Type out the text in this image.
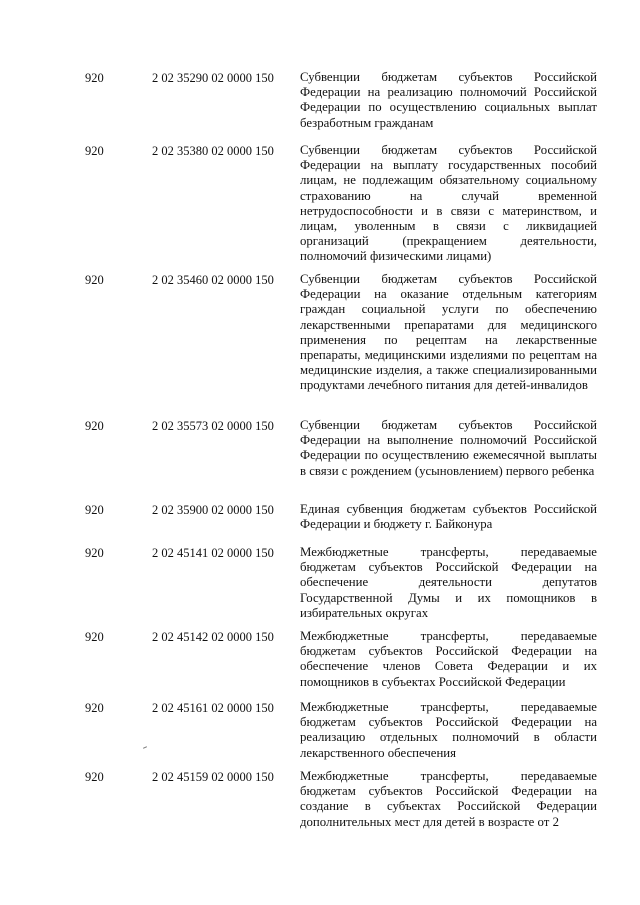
920	2 02 35290 02 0000 150 Субвенции бюджетам субъектов Российской Федерации на реализацию полномочий Российской Федерации по осуществлению социальных выплат безработным гражданам
920	2 02 35380 02 0000 150 Субвенции бюджетам субъектов Российской Федерации на выплату государственных пособий лицам, не подлежащим обязательному социальному страхованию на случай временной нетрудоспособности и в связи с материнством, и лицам, уволенным в связи с ликвидацией организаций (прекращением деятельности, полномочий физическими лицами)
920	2 02 35460 02 0000 150 Субвенции бюджетам субъектов Российской Федерации на оказание отдельным категориям граждан социальной услуги по обеспечению лекарственными препаратами для медицинского применения по рецептам на лекарственные препараты, медицинскими изделиями по рецептам на медицинские изделия, а также специализированными продуктами лечебного питания для детей-инвалидов
920	2 02 35573 02 0000 150 Субвенции бюджетам субъектов Российской Федерации на выполнение полномочий Российской Федерации по осуществлению ежемесячной выплаты в связи с рождением (усыновлением) первого ребенка
920	2 02 35900 02 0000 150 Единая субвенция бюджетам субъектов Российской Федерации и бюджету г. Байконура
920	2 02 45141 02 0000 150 Межбюджетные трансферты, передаваемые бюджетам субъектов Российской Федерации на обеспечение деятельности депутатов Государственной Думы и их помощников в избирательных округах
920	2 02 45142 02 0000 150 Межбюджетные трансферты, передаваемые бюджетам субъектов Российской Федерации на обеспечение членов Совета Федерации и их помощников в субъектах Российской Федерации
920	2 02 45161 02 0000 150 Межбюджетные трансферты, передаваемые бюджетам субъектов Российской Федерации на реализацию отдельных полномочий в области лекарственного обеспечения
920	2 02 45159 02 0000 150 Межбюджетные трансферты, передаваемые бюджетам субъектов Российской Федерации на создание в субъектах Российской Федерации дополнительных мест для детей в возрасте от 2
